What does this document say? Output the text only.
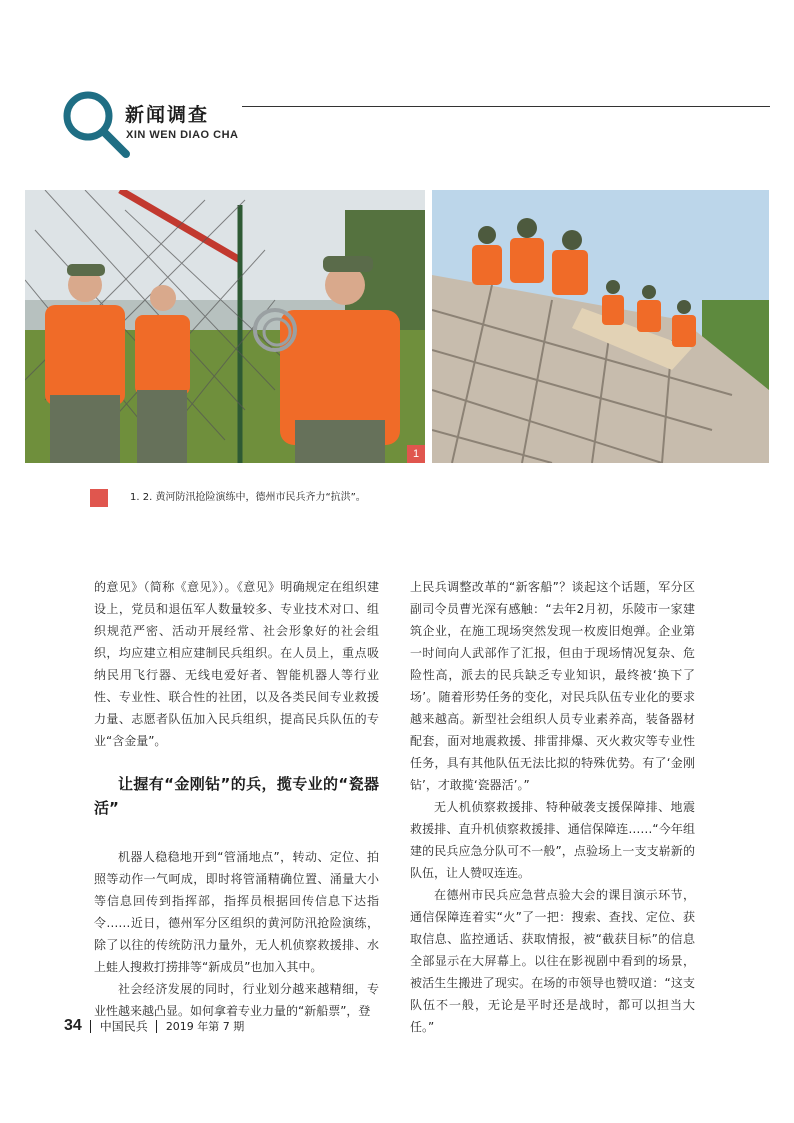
新闻调查
XIN WEN DIAO CHA
1
1. 2. 黄河防汛抢险演练中，德州市民兵齐力“抗洪”。

的意见》（简称《意见》）。《意见》明确规定在组织建设上，党员和退伍军人数量较多、专业技术对口、组织规范严密、活动开展经常、社会形象好的社会组织，均应建立相应建制民兵组织。在人员上，重点吸纳民用飞行器、无线电爱好者、智能机器人等行业性、专业性、联合性的社团，以及各类民间专业救援力量、志愿者队伍加入民兵组织，提高民兵队伍的专业“含金量”。

让握有“金刚钻”的兵，揽专业的“瓷器活”

机器人稳稳地开到“管涌地点”，转动、定位、拍照等动作一气呵成，即时将管涌精确位置、涌量大小等信息回传到指挥部，指挥员根据回传信息下达指令……近日，德州军分区组织的黄河防汛抢险演练，除了以往的传统防汛力量外，无人机侦察救援排、水上蛙人搜救打捞排等“新成员”也加入其中。

社会经济发展的同时，行业划分越来越精细，专业性越来越凸显。如何拿着专业力量的“新船票”，登

上民兵调整改革的“新客船”？谈起这个话题，军分区副司令员曹光深有感触：“去年2月初，乐陵市一家建筑企业，在施工现场突然发现一枚废旧炮弹。企业第一时间向人武部作了汇报，但由于现场情况复杂、危险性高，派去的民兵缺乏专业知识，最终被‘换下了场’。随着形势任务的变化，对民兵队伍专业化的要求越来越高。新型社会组织人员专业素养高，装备器材配套，面对地震救援、排雷排爆、灭火救灾等专业性任务，具有其他队伍无法比拟的特殊优势。有了‘金刚钻’，才敢揽‘瓷器活’。”

无人机侦察救援排、特种破袭支援保障排、地震救援排、直升机侦察救援排、通信保障连……“今年组建的民兵应急分队可不一般”，点验场上一支支崭新的队伍，让人赞叹连连。

在德州市民兵应急营点验大会的课目演示环节，通信保障连着实“火”了一把：搜索、查找、定位、获取信息、监控通话、获取情报，被“截获目标”的信息全部显示在大屏幕上。以往在影视剧中看到的场景，被活生生搬进了现实。在场的市领导也赞叹道：“这支队伍不一般，无论是平时还是战时，都可以担当大任。”

34 中国民兵 2019 年第 7 期
